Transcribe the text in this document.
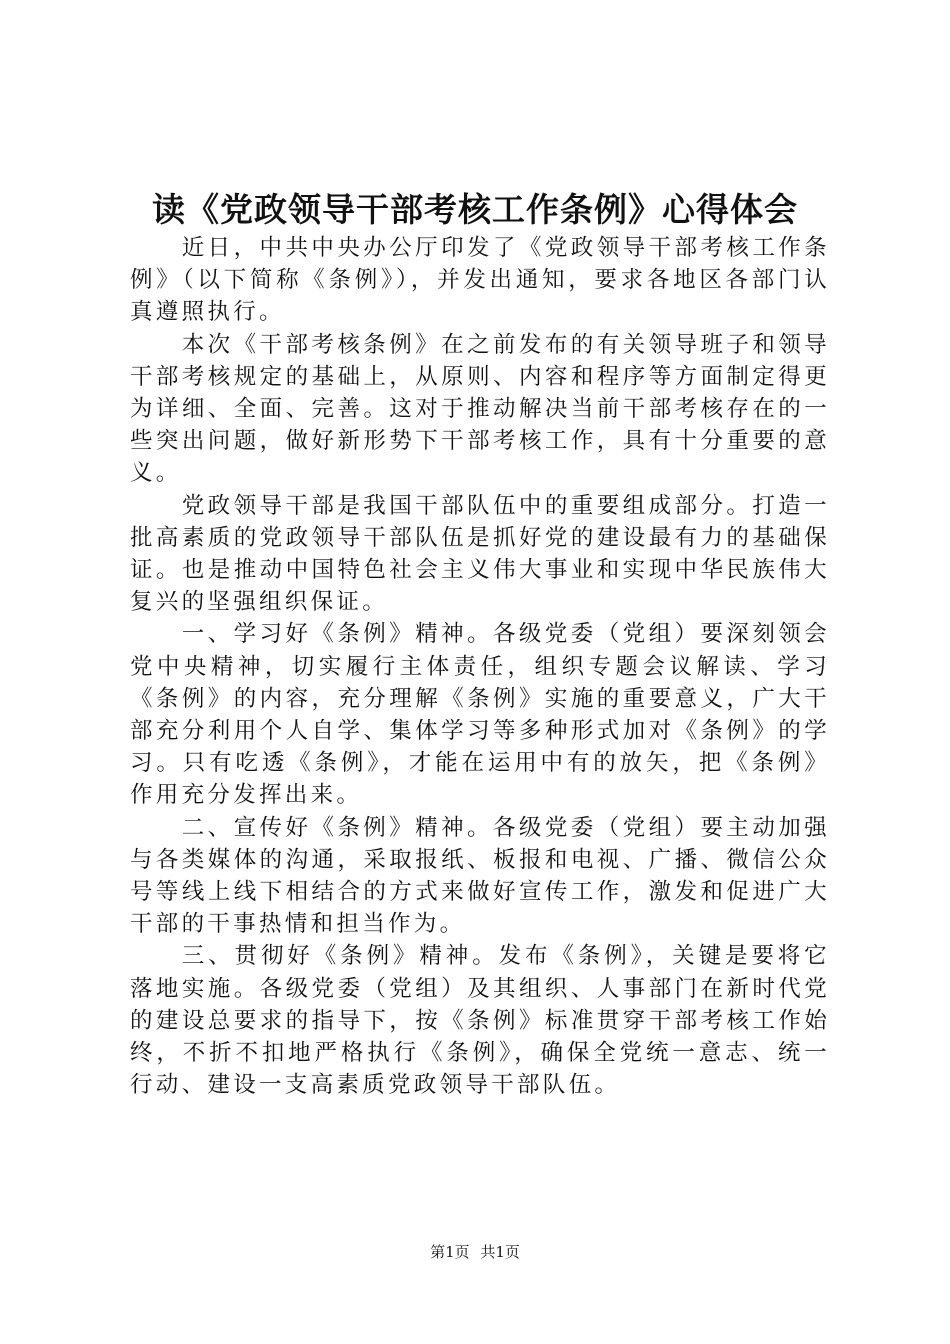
读《党政领导干部考核工作条例》心得体会

近日，中共中央办公厅印发了《党政领导干部考核工作条例》（以下简称《条例》），并发出通知，要求各地区各部门认真遵照执行。

本次《干部考核条例》在之前发布的有关领导班子和领导干部考核规定的基础上，从原则、内容和程序等方面制定得更为详细、全面、完善。这对于推动解决当前干部考核存在的一些突出问题，做好新形势下干部考核工作，具有十分重要的意义。

党政领导干部是我国干部队伍中的重要组成部分。打造一批高素质的党政领导干部队伍是抓好党的建设最有力的基础保证。也是推动中国特色社会主义伟大事业和实现中华民族伟大复兴的坚强组织保证。

一、学习好《条例》精神。各级党委（党组）要深刻领会党中央精神，切实履行主体责任，组织专题会议解读、学习《条例》的内容，充分理解《条例》实施的重要意义，广大干部充分利用个人自学、集体学习等多种形式加对《条例》的学习。只有吃透《条例》，才能在运用中有的放矢，把《条例》作用充分发挥出来。

二、宣传好《条例》精神。各级党委（党组）要主动加强与各类媒体的沟通，采取报纸、板报和电视、广播、微信公众号等线上线下相结合的方式来做好宣传工作，激发和促进广大干部的干事热情和担当作为。

三、贯彻好《条例》精神。发布《条例》，关键是要将它落地实施。各级党委（党组）及其组织、人事部门在新时代党的建设总要求的指导下，按《条例》标准贯穿干部考核工作始终，不折不扣地严格执行《条例》，确保全党统一意志、统一行动、建设一支高素质党政领导干部队伍。

第1页 共1页
